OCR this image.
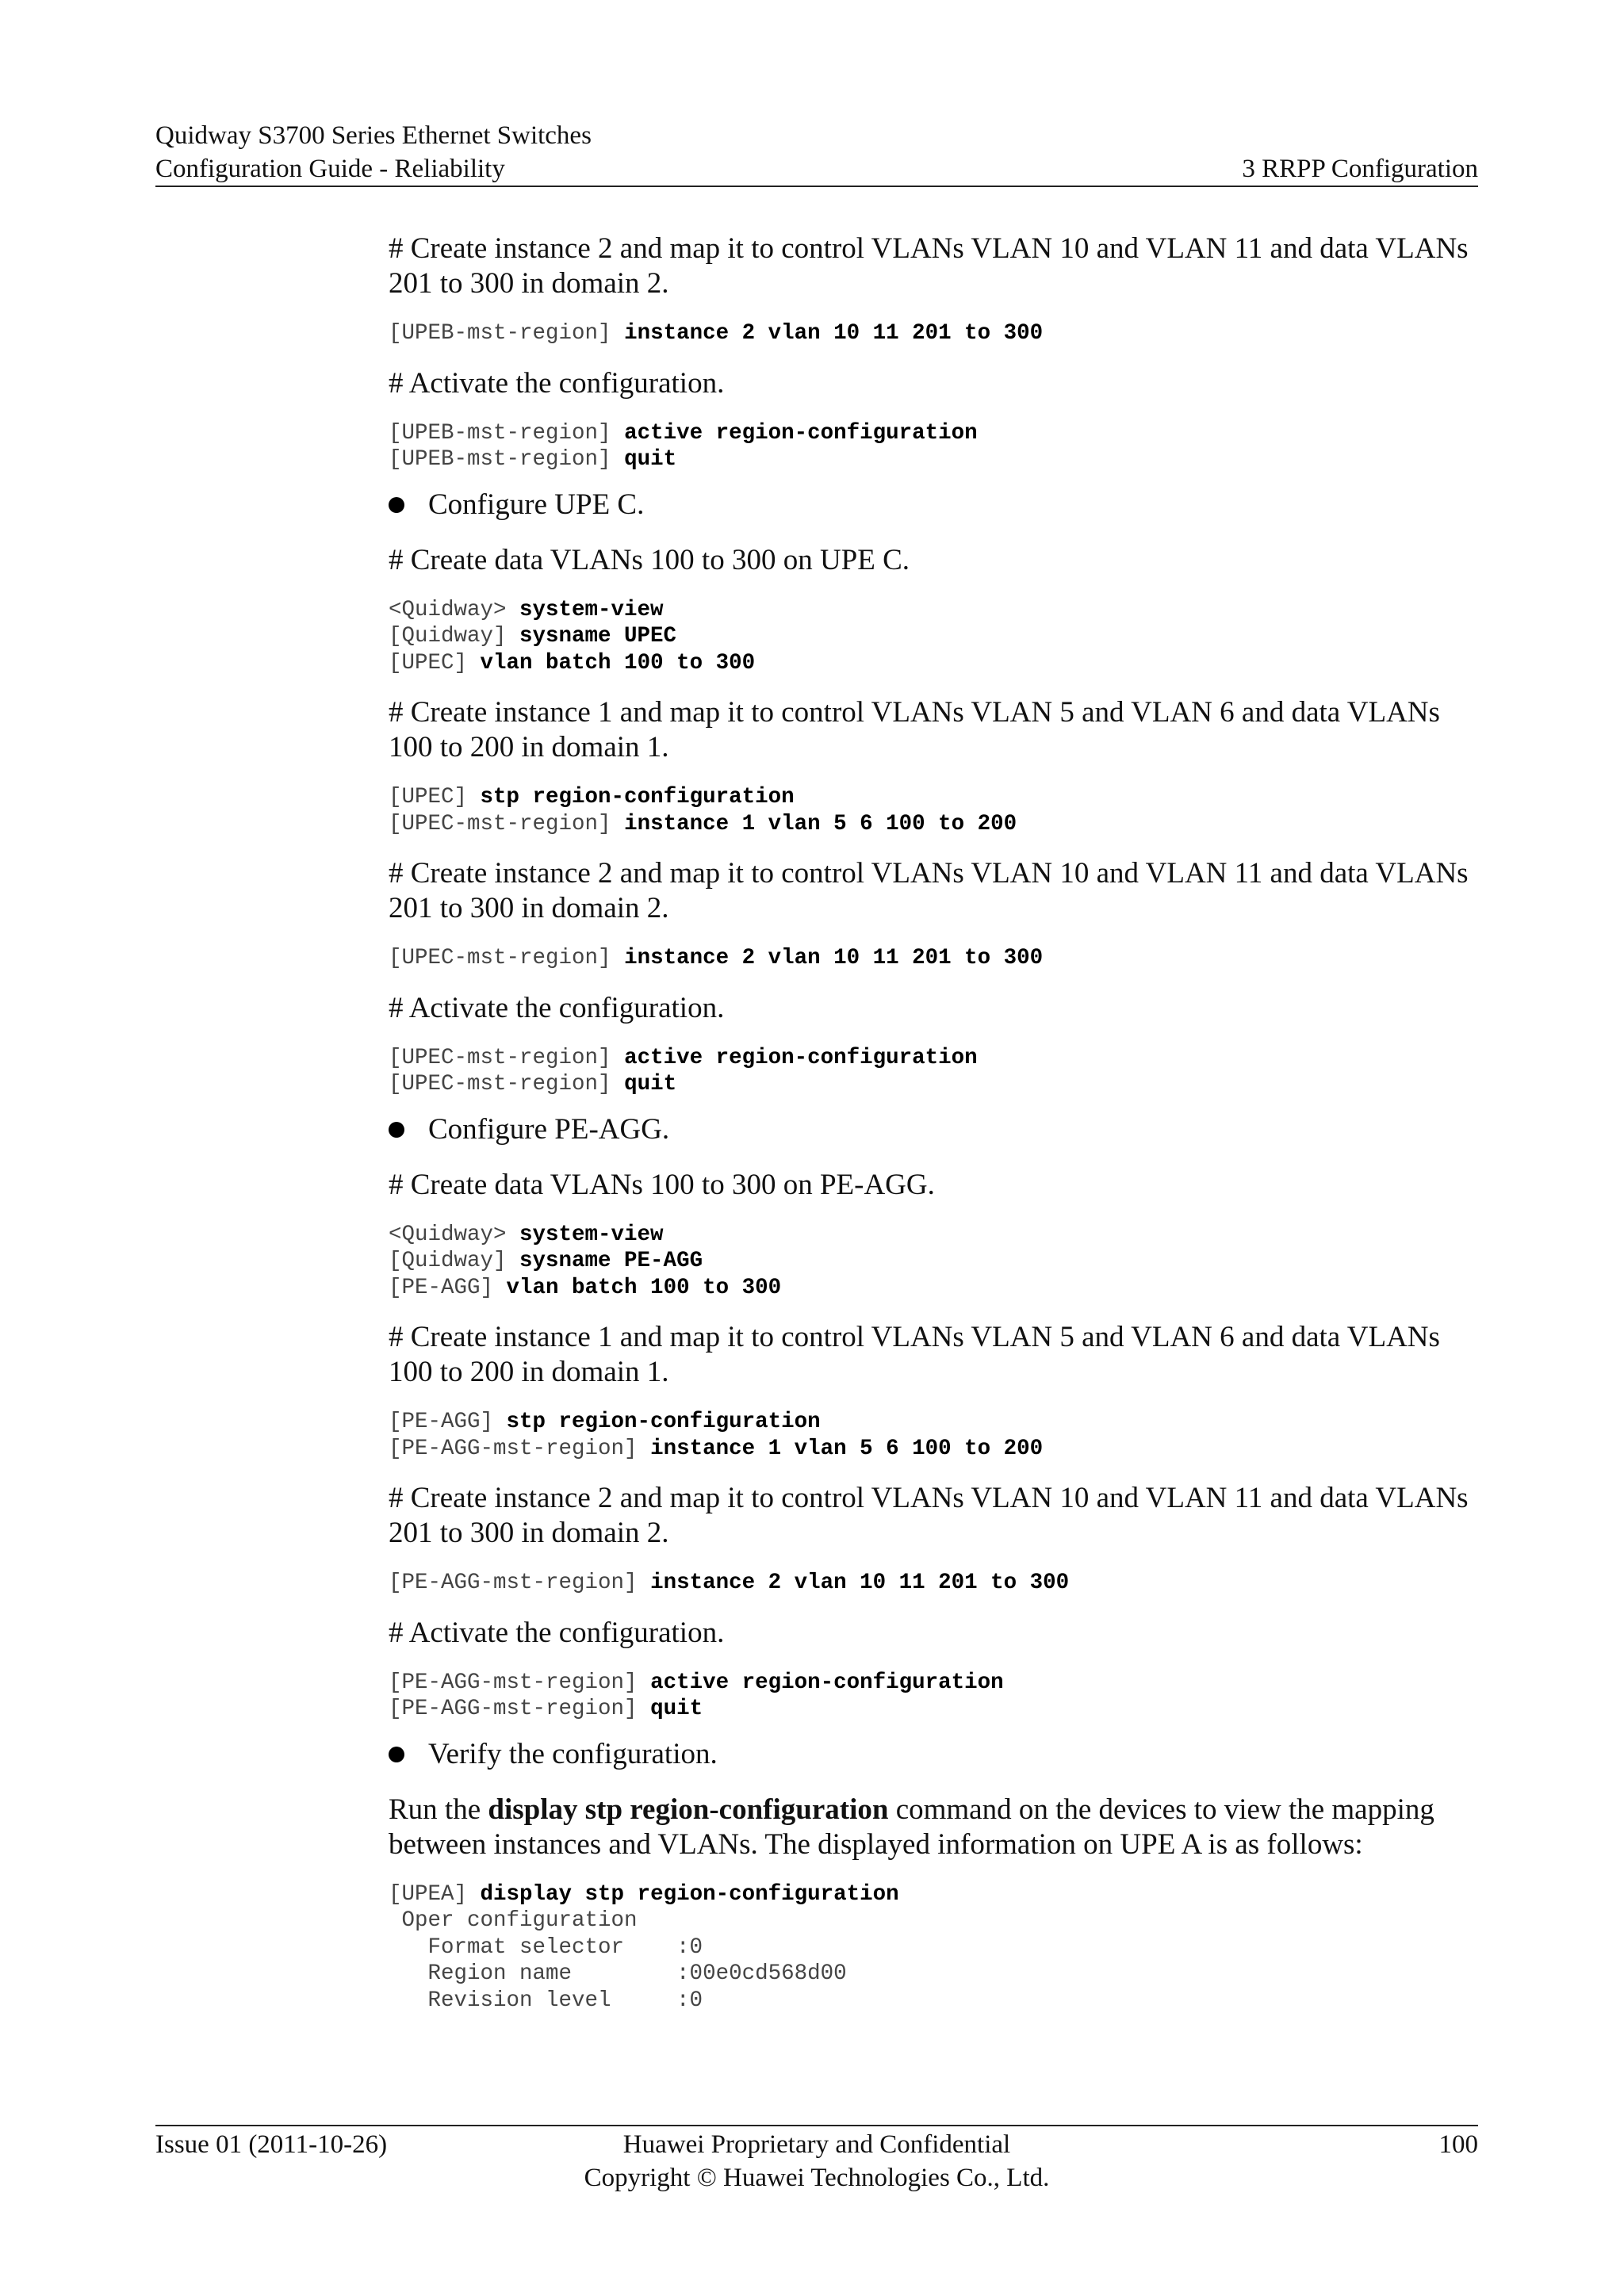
Quidway S3700 Series Ethernet Switches
Configuration Guide - Reliability	3 RRPP Configuration

# Create instance 2 and map it to control VLANs VLAN 10 and VLAN 11 and data VLANs 201 to 300 in domain 2.

[UPEB-mst-region] instance 2 vlan 10 11 201 to 300

# Activate the configuration.

[UPEB-mst-region] active region-configuration
[UPEB-mst-region] quit
Configure UPE C.

# Create data VLANs 100 to 300 on UPE C.

<Quidway> system-view
[Quidway] sysname UPEC
[UPEC] vlan batch 100 to 300

# Create instance 1 and map it to control VLANs VLAN 5 and VLAN 6 and data VLANs 100 to 200 in domain 1.

[UPEC] stp region-configuration
[UPEC-mst-region] instance 1 vlan 5 6 100 to 200

# Create instance 2 and map it to control VLANs VLAN 10 and VLAN 11 and data VLANs 201 to 300 in domain 2.

[UPEC-mst-region] instance 2 vlan 10 11 201 to 300

# Activate the configuration.

[UPEC-mst-region] active region-configuration
[UPEC-mst-region] quit
Configure PE-AGG.

# Create data VLANs 100 to 300 on PE-AGG.

<Quidway> system-view
[Quidway] sysname PE-AGG
[PE-AGG] vlan batch 100 to 300

# Create instance 1 and map it to control VLANs VLAN 5 and VLAN 6 and data VLANs 100 to 200 in domain 1.

[PE-AGG] stp region-configuration
[PE-AGG-mst-region] instance 1 vlan 5 6 100 to 200

# Create instance 2 and map it to control VLANs VLAN 10 and VLAN 11 and data VLANs 201 to 300 in domain 2.

[PE-AGG-mst-region] instance 2 vlan 10 11 201 to 300

# Activate the configuration.

[PE-AGG-mst-region] active region-configuration
[PE-AGG-mst-region] quit
Verify the configuration.

Run the display stp region-configuration command on the devices to view the mapping between instances and VLANs. The displayed information on UPE A is as follows:

[UPEA] display stp region-configuration
Oper configuration
Format selector    :0
Region name        :00e0cd568d00
Revision level     :0
Issue 01 (2011-10-26)	Huawei Proprietary and Confidential
Copyright © Huawei Technologies Co., Ltd.
100
